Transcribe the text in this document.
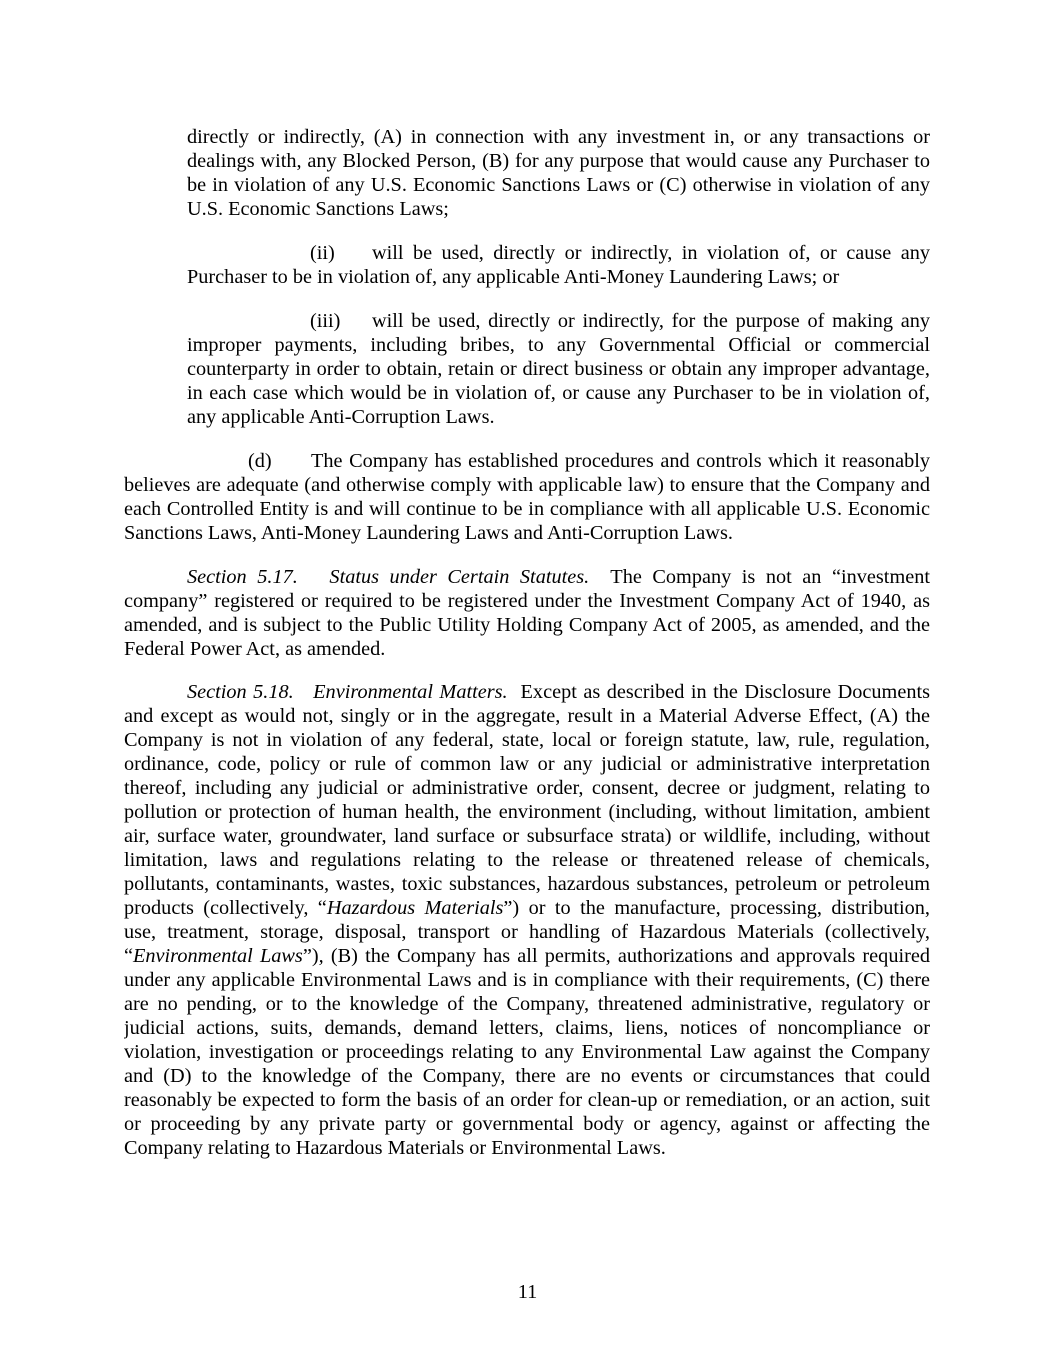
directly or indirectly, (A) in connection with any investment in, or any transactions or
dealings with, any Blocked Person, (B) for any purpose that would cause any Purchaser to
be in violation of any U.S. Economic Sanctions Laws or (C) otherwise in violation of any
U.S. Economic Sanctions Laws;
(ii)	will be used, directly or indirectly, in violation of, or cause any
Purchaser to be in violation of, any applicable Anti-Money Laundering Laws; or
(iii)	will be used, directly or indirectly, for the purpose of making any
improper payments, including bribes, to any Governmental Official or commercial
counterparty in order to obtain, retain or direct business or obtain any improper advantage,
in each case which would be in violation of, or cause any Purchaser to be in violation of,
any applicable Anti-Corruption Laws.
(d)	The Company has established procedures and controls which it reasonably
believes are adequate (and otherwise comply with applicable law) to ensure that the Company and
each Controlled Entity is and will continue to be in compliance with all applicable U.S. Economic
Sanctions Laws, Anti-Money Laundering Laws and Anti-Corruption Laws.
Section 5.17.   Status under Certain Statutes.  The Company is not an “investment
company” registered or required to be registered under the Investment Company Act of 1940, as
amended, and is subject to the Public Utility Holding Company Act of 2005, as amended, and the
Federal Power Act, as amended.
Section 5.18.   Environmental Matters.  Except as described in the Disclosure Documents
and except as would not, singly or in the aggregate, result in a Material Adverse Effect, (A) the
Company is not in violation of any federal, state, local or foreign statute, law, rule, regulation,
ordinance, code, policy or rule of common law or any judicial or administrative interpretation
thereof, including any judicial or administrative order, consent, decree or judgment, relating to
pollution or protection of human health, the environment (including, without limitation, ambient
air, surface water, groundwater, land surface or subsurface strata) or wildlife, including, without
limitation, laws and regulations relating to the release or threatened release of chemicals,
pollutants, contaminants, wastes, toxic substances, hazardous substances, petroleum or petroleum
products (collectively, “Hazardous Materials”) or to the manufacture, processing, distribution,
use, treatment, storage, disposal, transport or handling of Hazardous Materials (collectively,
“Environmental Laws”), (B) the Company has all permits, authorizations and approvals required
under any applicable Environmental Laws and is in compliance with their requirements, (C) there
are no pending, or to the knowledge of the Company, threatened administrative, regulatory or
judicial actions, suits, demands, demand letters, claims, liens, notices of noncompliance or
violation, investigation or proceedings relating to any Environmental Law against the Company
and (D) to the knowledge of the Company, there are no events or circumstances that could
reasonably be expected to form the basis of an order for clean-up or remediation, or an action, suit
or proceeding by any private party or governmental body or agency, against or affecting the
Company relating to Hazardous Materials or Environmental Laws.
11
